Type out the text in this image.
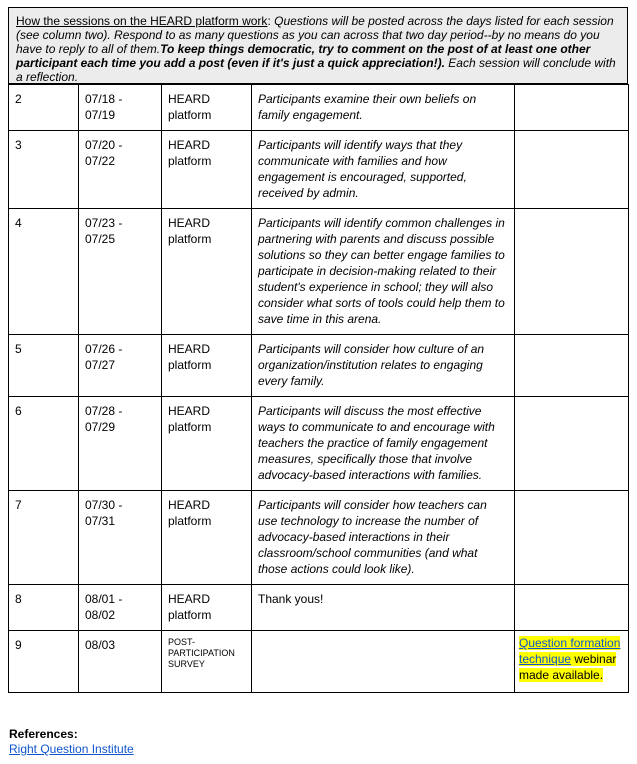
How the sessions on the HEARD platform work: Questions will be posted across the days listed for each session (see column two). Respond to as many questions as you can across that two day period--by no means do you have to reply to all of them.To keep things democratic, try to comment on the post of at least one other participant each time you add a post (even if it's just a quick appreciation!). Each session will conclude with a reflection.
2	07/18 - 07/19	HEARD platform	Participants examine their own beliefs on family engagement.	
3	07/20 - 07/22	HEARD platform	Participants will identify ways that they communicate with families and how engagement is encouraged, supported, received by admin.	
4	07/23 - 07/25	HEARD platform	Participants will identify common challenges in partnering with parents and discuss possible solutions so they can better engage families to participate in decision-making related to their student's experience in school; they will also consider what sorts of tools could help them to save time in this arena.	
5	07/26 - 07/27	HEARD platform	Participants will consider how culture of an organization/institution relates to engaging every family.	
6	07/28 - 07/29	HEARD platform	Participants will discuss the most effective ways to communicate to and encourage with teachers the practice of family engagement measures, specifically those that involve advocacy-based interactions with families.	
7	07/30 - 07/31	HEARD platform	Participants will consider how teachers can use technology to increase the number of advocacy-based interactions in their classroom/school communities (and what those actions could look like).	
8	08/01 - 08/02	HEARD platform	Thank yous!	
9	08/03	POST-PARTICIPATION SURVEY		Question formation technique webinar made available.
References:
Right Question Institute
